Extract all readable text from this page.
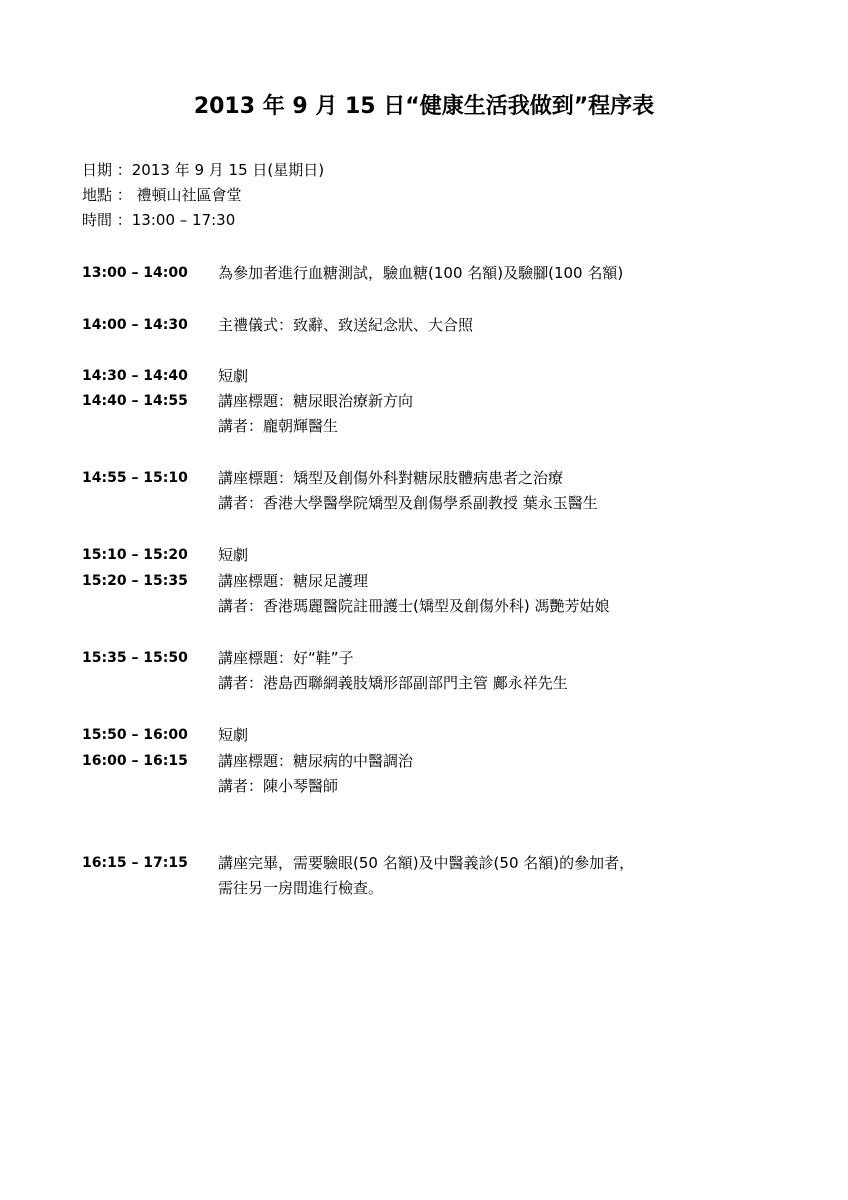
2013 年 9 月 15 日“健康生活我做到”程序表
日期 ：2013 年 9 月 15 日(星期日)
地點 ： 禮頓山社區會堂
時間 ：13:00 – 17:30
13:00 – 14:00	為參加者進行血糖測試，驗血糖(100 名額)及驗腳(100 名額)
14:00 – 14:30	主禮儀式：致辭、致送紀念狀、大合照
14:30 – 14:40	短劇
14:40 – 14:55	講座標題：糖尿眼治療新方向
講者：龐朝輝醫生
14:55 – 15:10	講座標題：矯型及創傷外科對糖尿肢體病患者之治療
講者：香港大學醫學院矯型及創傷學系副教授 葉永玉醫生
15:10 – 15:20	短劇
15:20 – 15:35	講座標題：糖尿足護理
講者：香港瑪麗醫院註冊護士(矯型及創傷外科) 馮艷芳姑娘
15:35 – 15:50	講座標題：好“鞋”子
講者：港島西聯網義肢矯形部副部門主管 鄺永祥先生
15:50 – 16:00	短劇
16:00 – 16:15	講座標題：糖尿病的中醫調治
講者：陳小琴醫師
16:15 – 17:15	講座完畢，需要驗眼(50 名額)及中醫義診(50 名額)的參加者，
需往另一房間進行檢查。
